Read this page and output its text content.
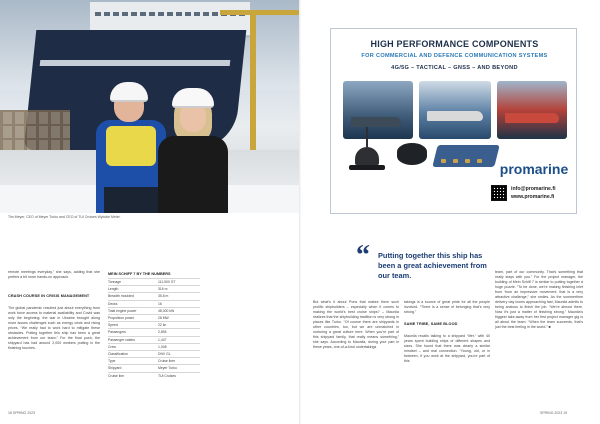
Tim Meyer, CEO of Meyer Turku and CEO of TUI Cruises Wybcke Meier.
remote meetings everyday,” she says, adding that she prefers a bit more hands-on approach.
CRASH COURSE IN CRISIS MANAGEMENT
The global pandemic resulted just about everything from work force access to material availability and Covid was only the beginning: the war in Ukraine brought along more issues challenges such as energy crisis and rising prices. “We really had to work hard to mitigate these obstacles. Putting together this ship has been a great achievement from our team.” For the final push, the shipyard has had around 2,000 workers putting in the finishing touches.
MEIN SCHIFF 7 BY THE NUMBERS
Tonnage	111,500 GT
Length	316 m
Breadth moulded	35.8 m
Decks	16
Total engine power	48,000 kW
Propulsion power	28 MW
Speed	22 kn
Passengers	2,894
Passenger cabins	1,447
Crew	1,008
Classification	DNV GL
Type	Cruise liner
Shipyard	Meyer Turku
Cruise line	TUI Cruises
18 SPRING 2023
HIGH PERFORMANCE COMPONENTS
FOR COMMERCIAL AND DEFENCE COMMUNICATION SYSTEMS
4G/5G – TACTICAL – GNSS – AND BEYOND
promarine
info@promarine.fi
www.promarine.fi
“ Putting together this ship has been a great achievement from our team.
But what’s it about Pons that makes them such prolific shipbuilders – especially when it comes to making the world’s best cruise ships? – Maunila realizes that the shipbuilding tradition is very strong in places like Turku. “Of course there are shipyards in other countries, too, but we are unmatched in nurturing a great culture here. When you’re part of this shipyard family, that really means something,” she says. According to Maunila, during your part in these years, one-of-a-kind undertakings
takings is a source of great pride for all the people involved. “There is a sense of belonging that’s very strong.”
SAME TRIBE, SAME BLOOD
Maunila recalls talking to a shipyard “lifer,” with 40 years spent building ships of different shapes and sizes. She found that there was clearly a similar mindset – and real connection. “Young, old, or in between, if you work at the shipyard, you’re part of this
team, part of our community. That’s something that really stays with you.” For the project manager, the building of Mein Schiff 7 is similar to putting together a huge puzzle. “To be done, we’re making finishing inlet from ‘from an impressive movement, that is a very attractive challenge,” she smiles. As the summertime delivery day looms approaching fast, Maunila admits to being anxious to finish the job. “We’re almost there. Now it’s just a matter of finishing strong.” Maunila’s biggest take-away from her first project manager gig is all about the team. “When the team succeeds, that’s just the best feeling in the world.” ■
SPRING 2023 19
